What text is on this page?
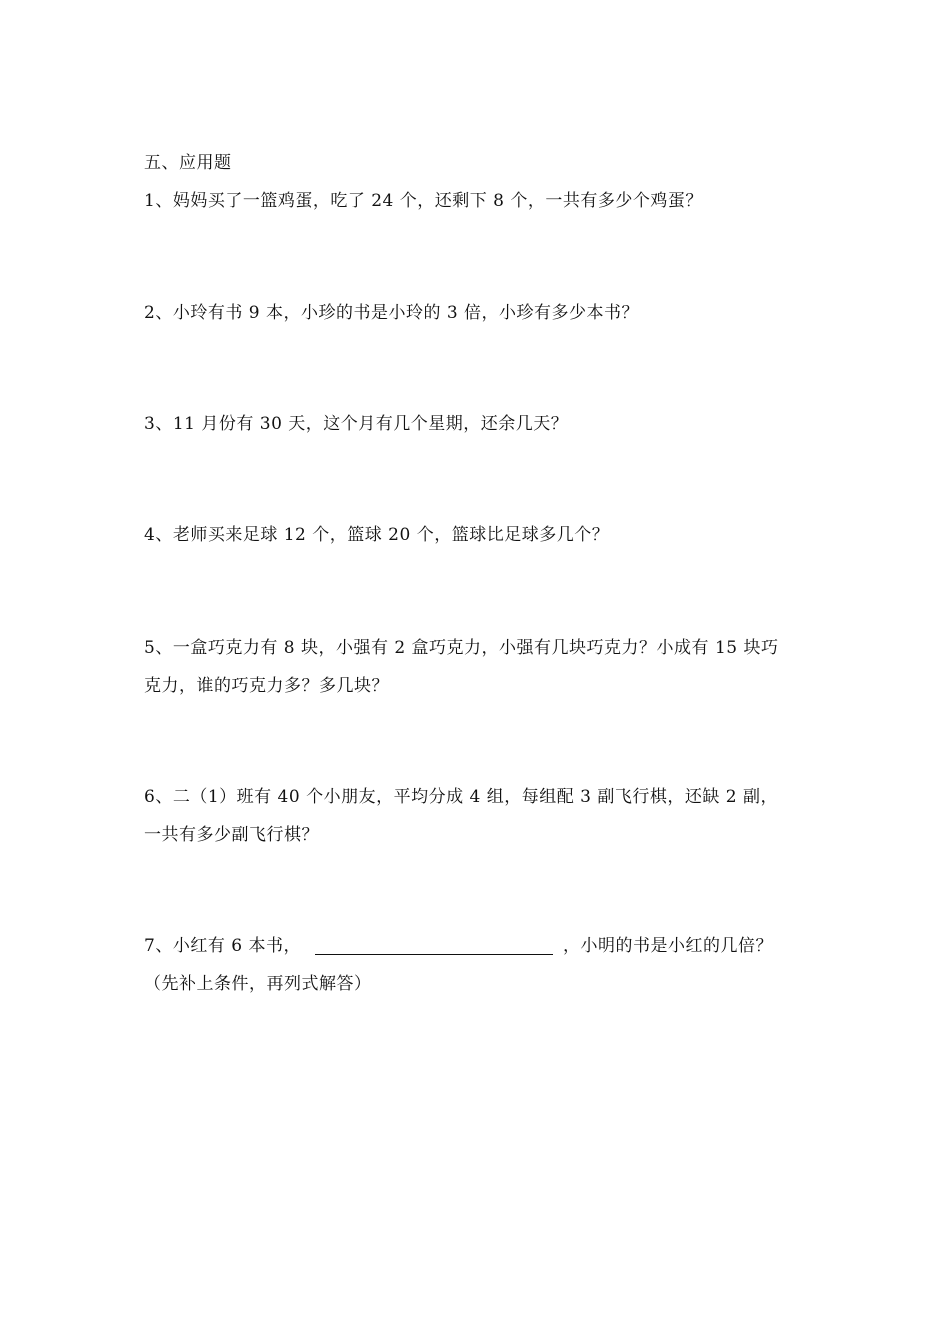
五、应用题
1、妈妈买了一篮鸡蛋，吃了 24 个，还剩下 8 个，一共有多少个鸡蛋？
2、小玲有书 9 本，小珍的书是小玲的 3 倍，小珍有多少本书？
3、11 月份有 30 天，这个月有几个星期，还余几天？
4、老师买来足球 12 个，篮球 20 个，篮球比足球多几个？
5、一盒巧克力有 8 块，小强有 2 盒巧克力，小强有几块巧克力？小成有 15 块巧
克力，谁的巧克力多？多几块？
6、二（1）班有 40 个小朋友，平均分成 4 组，每组配 3 副飞行棋，还缺 2 副，
一共有多少副飞行棋？
7、小红有 6 本书，	，小明的书是小红的几倍？
（先补上条件，再列式解答）
